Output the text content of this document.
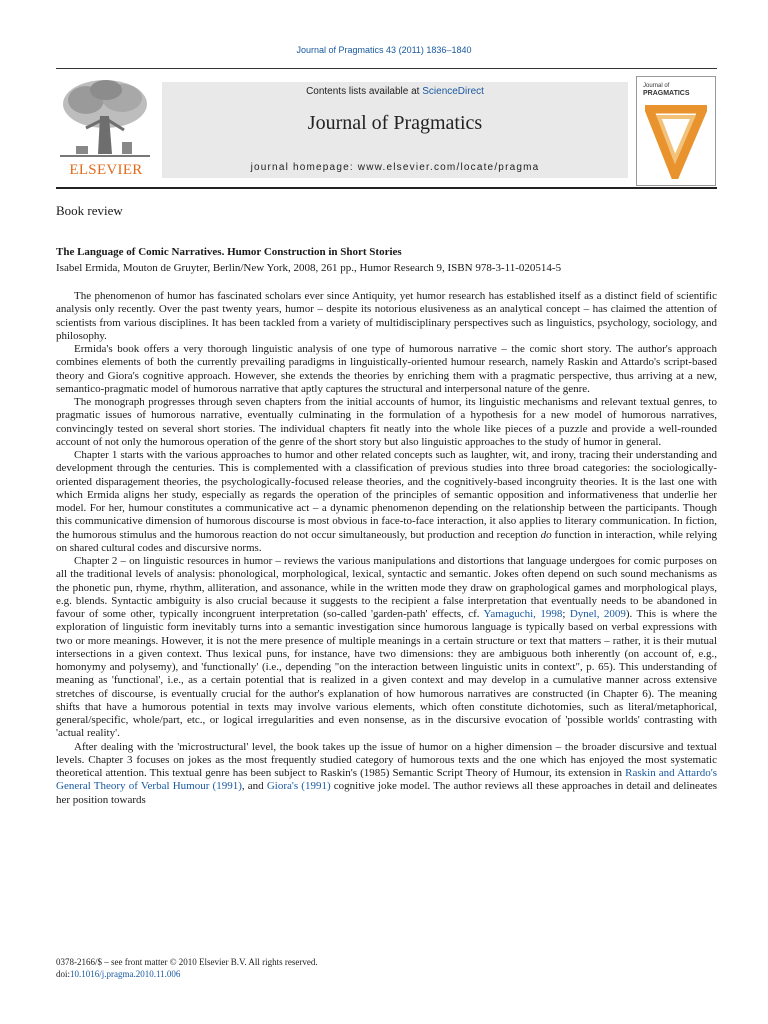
Journal of Pragmatics 43 (2011) 1836–1840
ELSEVIER
Contents lists available at ScienceDirect
Journal of Pragmatics
journal homepage: www.elsevier.com/locate/pragma
Journal of
PRAGMATICS
Book review
The Language of Comic Narratives. Humor Construction in Short Stories
Isabel Ermida, Mouton de Gruyter, Berlin/New York, 2008, 261 pp., Humor Research 9, ISBN 978-3-11-020514-5

The phenomenon of humor has fascinated scholars ever since Antiquity, yet humor research has established itself as a distinct field of scientific analysis only recently. Over the past twenty years, humor – despite its notorious elusiveness as an analytical concept – has claimed the attention of scientists from various disciplines. It has been tackled from a variety of multidisciplinary perspectives such as linguistics, psychology, sociology, and philosophy.

Ermida's book offers a very thorough linguistic analysis of one type of humorous narrative – the comic short story. The author's approach combines elements of both the currently prevailing paradigms in linguistically-oriented humour research, namely Raskin and Attardo's script-based theory and Giora's cognitive approach. However, she extends the theories by enriching them with a pragmatic perspective, thus arriving at a new, semantico-pragmatic model of humorous narrative that aptly captures the structural and interpersonal nature of the genre.

The monograph progresses through seven chapters from the initial accounts of humor, its linguistic mechanisms and relevant textual genres, to pragmatic issues of humorous narrative, eventually culminating in the formulation of a hypothesis for a new model of humorous narratives, convincingly tested on several short stories. The individual chapters fit neatly into the whole like pieces of a puzzle and provide a well-rounded account of not only the humorous operation of the genre of the short story but also linguistic approaches to the study of humor in general.

Chapter 1 starts with the various approaches to humor and other related concepts such as laughter, wit, and irony, tracing their understanding and development through the centuries. This is complemented with a classification of previous studies into three broad categories: the sociologically-oriented disparagement theories, the psychologically-focused release theories, and the cognitively-based incongruity theories. It is the last one with which Ermida aligns her study, especially as regards the operation of the principles of semantic opposition and informativeness that underlie her model. For her, humour constitutes a communicative act – a dynamic phenomenon depending on the relationship between the participants. Though this communicative dimension of humorous discourse is most obvious in face-to-face interaction, it also applies to literary communication. In fiction, the humorous stimulus and the humorous reaction do not occur simultaneously, but production and reception do function in interaction, while relying on shared cultural codes and discursive norms.

Chapter 2 – on linguistic resources in humor – reviews the various manipulations and distortions that language undergoes for comic purposes on all the traditional levels of analysis: phonological, morphological, lexical, syntactic and semantic. Jokes often depend on such sound mechanisms as the phonetic pun, rhyme, rhythm, alliteration, and assonance, while in the written mode they draw on graphological games and morphological plays, e.g. blends. Syntactic ambiguity is also crucial because it suggests to the recipient a false interpretation that eventually needs to be abandoned in favour of some other, typically incongruent interpretation (so-called 'garden-path' effects, cf. Yamaguchi, 1998; Dynel, 2009). This is where the exploration of linguistic form inevitably turns into a semantic investigation since humorous language is typically based on verbal expressions with two or more meanings. However, it is not the mere presence of multiple meanings in a certain structure or text that matters – rather, it is their mutual intersections in a given context. Thus lexical puns, for instance, have two dimensions: they are ambiguous both inherently (on account of, e.g., homonymy and polysemy), and 'functionally' (i.e., depending "on the interaction between linguistic units in context", p. 65). This understanding of meaning as 'functional', i.e., as a certain potential that is realized in a given context and may develop in a cumulative manner across extensive stretches of discourse, is eventually crucial for the author's explanation of how humorous narratives are constructed (in Chapter 6). The meaning shifts that have a humorous potential in texts may involve various elements, which often constitute dichotomies, such as literal/metaphorical, general/specific, whole/part, etc., or logical irregularities and even nonsense, as in the discursive evocation of 'possible worlds' contrasting with 'actual reality'.

After dealing with the 'microstructural' level, the book takes up the issue of humor on a higher dimension – the broader discursive and textual levels. Chapter 3 focuses on jokes as the most frequently studied category of humorous texts and the one which has enjoyed the most systematic theoretical attention. This textual genre has been subject to Raskin's (1985) Semantic Script Theory of Humour, its extension in Raskin and Attardo's General Theory of Verbal Humour (1991), and Giora's (1991) cognitive joke model. The author reviews all these approaches in detail and delineates her position towards

0378-2166/$ – see front matter © 2010 Elsevier B.V. All rights reserved.
doi:10.1016/j.pragma.2010.11.006
